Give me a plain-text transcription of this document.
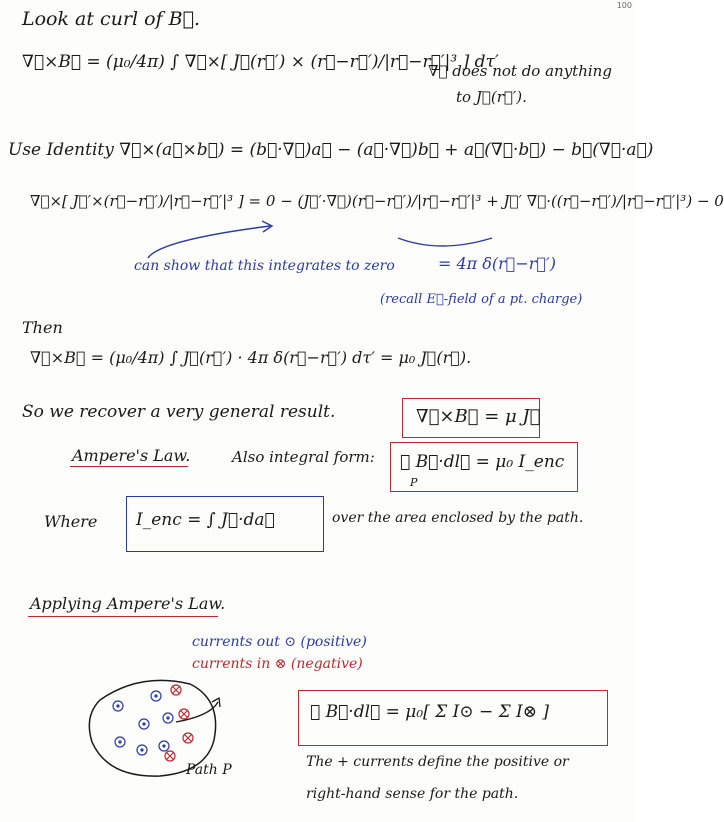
100
Look at curl of B⃗.
∇⃗×B⃗ = (μ₀/4π) ∫ ∇⃗×[ J⃗(r⃗′) × (r⃗−r⃗′)/|r⃗−r⃗′|³ ] dτ′
∇⃗ does not do anything
to J⃗(r⃗′).
Use Identity ∇⃗×(a⃗×b⃗) = (b⃗·∇⃗)a⃗ − (a⃗·∇⃗)b⃗ + a⃗(∇⃗·b⃗) − b⃗(∇⃗·a⃗)
∇⃗×[ J⃗′×(r⃗−r⃗′)/|r⃗−r⃗′|³ ] = 0 − (J⃗′·∇⃗)(r⃗−r⃗′)/|r⃗−r⃗′|³ + J⃗′ ∇⃗·((r⃗−r⃗′)/|r⃗−r⃗′|³) − 0
can show that this integrates to zero	= 4π δ(r⃗−r⃗′)
(recall E⃗-field of a pt. charge)
Then
∇⃗×B⃗ = (μ₀/4π) ∫ J⃗(r⃗′) · 4π δ(r⃗−r⃗′) dτ′ = μ₀ J⃗(r⃗).
So we recover a very general result.	∇⃗×B⃗ = μ J⃗
Ampere's Law.	Also integral form: ∮ B⃗·dl⃗ = μ₀ I_enc
P
Where I_enc = ∫ J⃗·da⃗	over the area enclosed by the path.
Applying Ampere's Law.
currents out ⊙ (positive)
currents in ⊗ (negative)
Path P
∮ B⃗·dl⃗ = μ₀[ Σ I⊙ − Σ I⊗ ]
The + currents define the positive or
right-hand sense for the path.
